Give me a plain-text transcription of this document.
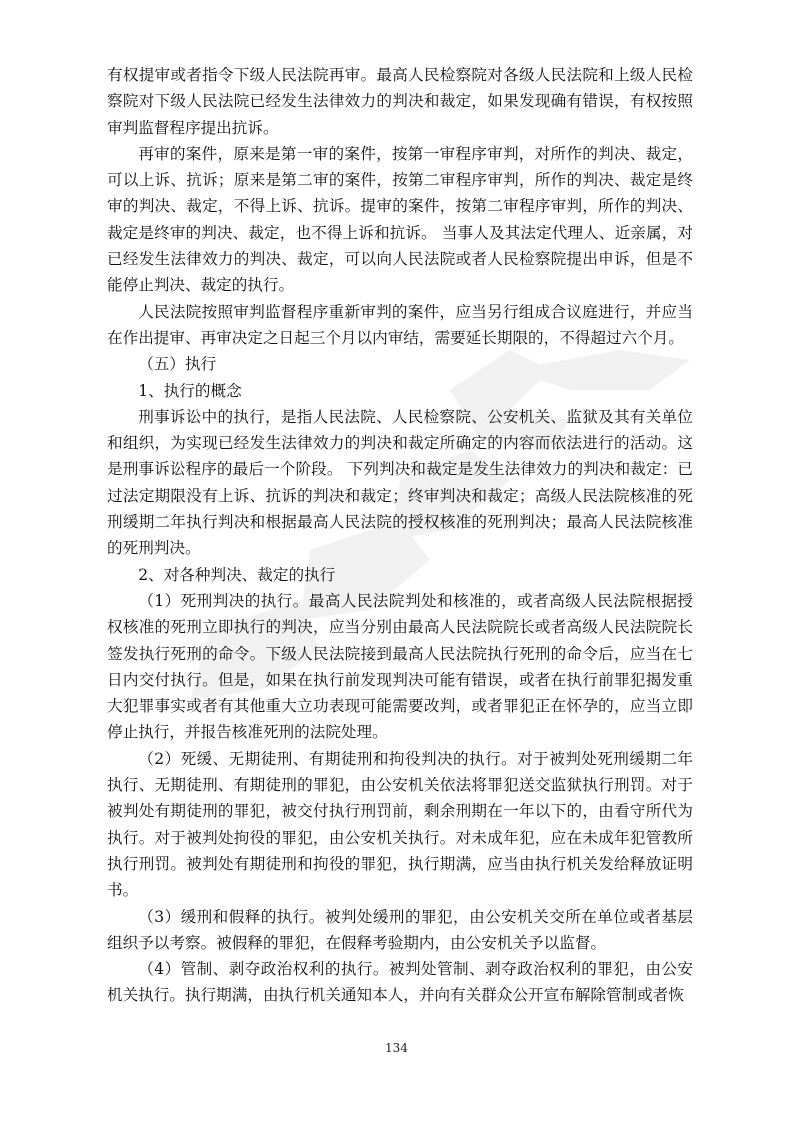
有权提审或者指令下级人民法院再审。最高人民检察院对各级人民法院和上级人民检察院对下级人民法院已经发生法律效力的判决和裁定，如果发现确有错误，有权按照审判监督程序提出抗诉。

再审的案件，原来是第一审的案件，按第一审程序审判，对所作的判决、裁定，可以上诉、抗诉；原来是第二审的案件，按第二审程序审判，所作的判决、裁定是终审的判决、裁定，不得上诉、抗诉。提审的案件，按第二审程序审判，所作的判决、裁定是终审的判决、裁定，也不得上诉和抗诉。 当事人及其法定代理人、近亲属，对已经发生法律效力的判决、裁定，可以向人民法院或者人民检察院提出申诉，但是不能停止判决、裁定的执行。

人民法院按照审判监督程序重新审判的案件，应当另行组成合议庭进行，并应当在作出提审、再审决定之日起三个月以内审结，需要延长期限的，不得超过六个月。

（五）执行

1、执行的概念

刑事诉讼中的执行，是指人民法院、人民检察院、公安机关、监狱及其有关单位和组织，为实现已经发生法律效力的判决和裁定所确定的内容而依法进行的活动。这是刑事诉讼程序的最后一个阶段。 下列判决和裁定是发生法律效力的判决和裁定：已过法定期限没有上诉、抗诉的判决和裁定；终审判决和裁定；高级人民法院核准的死刑缓期二年执行判决和根据最高人民法院的授权核准的死刑判决；最高人民法院核准的死刑判决。

2、对各种判决、裁定的执行

（1）死刑判决的执行。最高人民法院判处和核准的，或者高级人民法院根据授权核准的死刑立即执行的判决，应当分别由最高人民法院院长或者高级人民法院院长签发执行死刑的命令。下级人民法院接到最高人民法院执行死刑的命令后，应当在七日内交付执行。但是，如果在执行前发现判决可能有错误，或者在执行前罪犯揭发重大犯罪事实或者有其他重大立功表现可能需要改判，或者罪犯正在怀孕的，应当立即停止执行，并报告核准死刑的法院处理。

（2）死缓、无期徒刑、有期徒刑和拘役判决的执行。对于被判处死刑缓期二年执行、无期徒刑、有期徒刑的罪犯，由公安机关依法将罪犯送交监狱执行刑罚。对于被判处有期徒刑的罪犯，被交付执行刑罚前，剩余刑期在一年以下的，由看守所代为执行。对于被判处拘役的罪犯，由公安机关执行。对未成年犯，应在未成年犯管教所执行刑罚。被判处有期徒刑和拘役的罪犯，执行期满，应当由执行机关发给释放证明书。

（3）缓刑和假释的执行。被判处缓刑的罪犯，由公安机关交所在单位或者基层组织予以考察。被假释的罪犯，在假释考验期内，由公安机关予以监督。

（4）管制、剥夺政治权利的执行。被判处管制、剥夺政治权利的罪犯，由公安机关执行。执行期满，由执行机关通知本人，并向有关群众公开宣布解除管制或者恢

134
